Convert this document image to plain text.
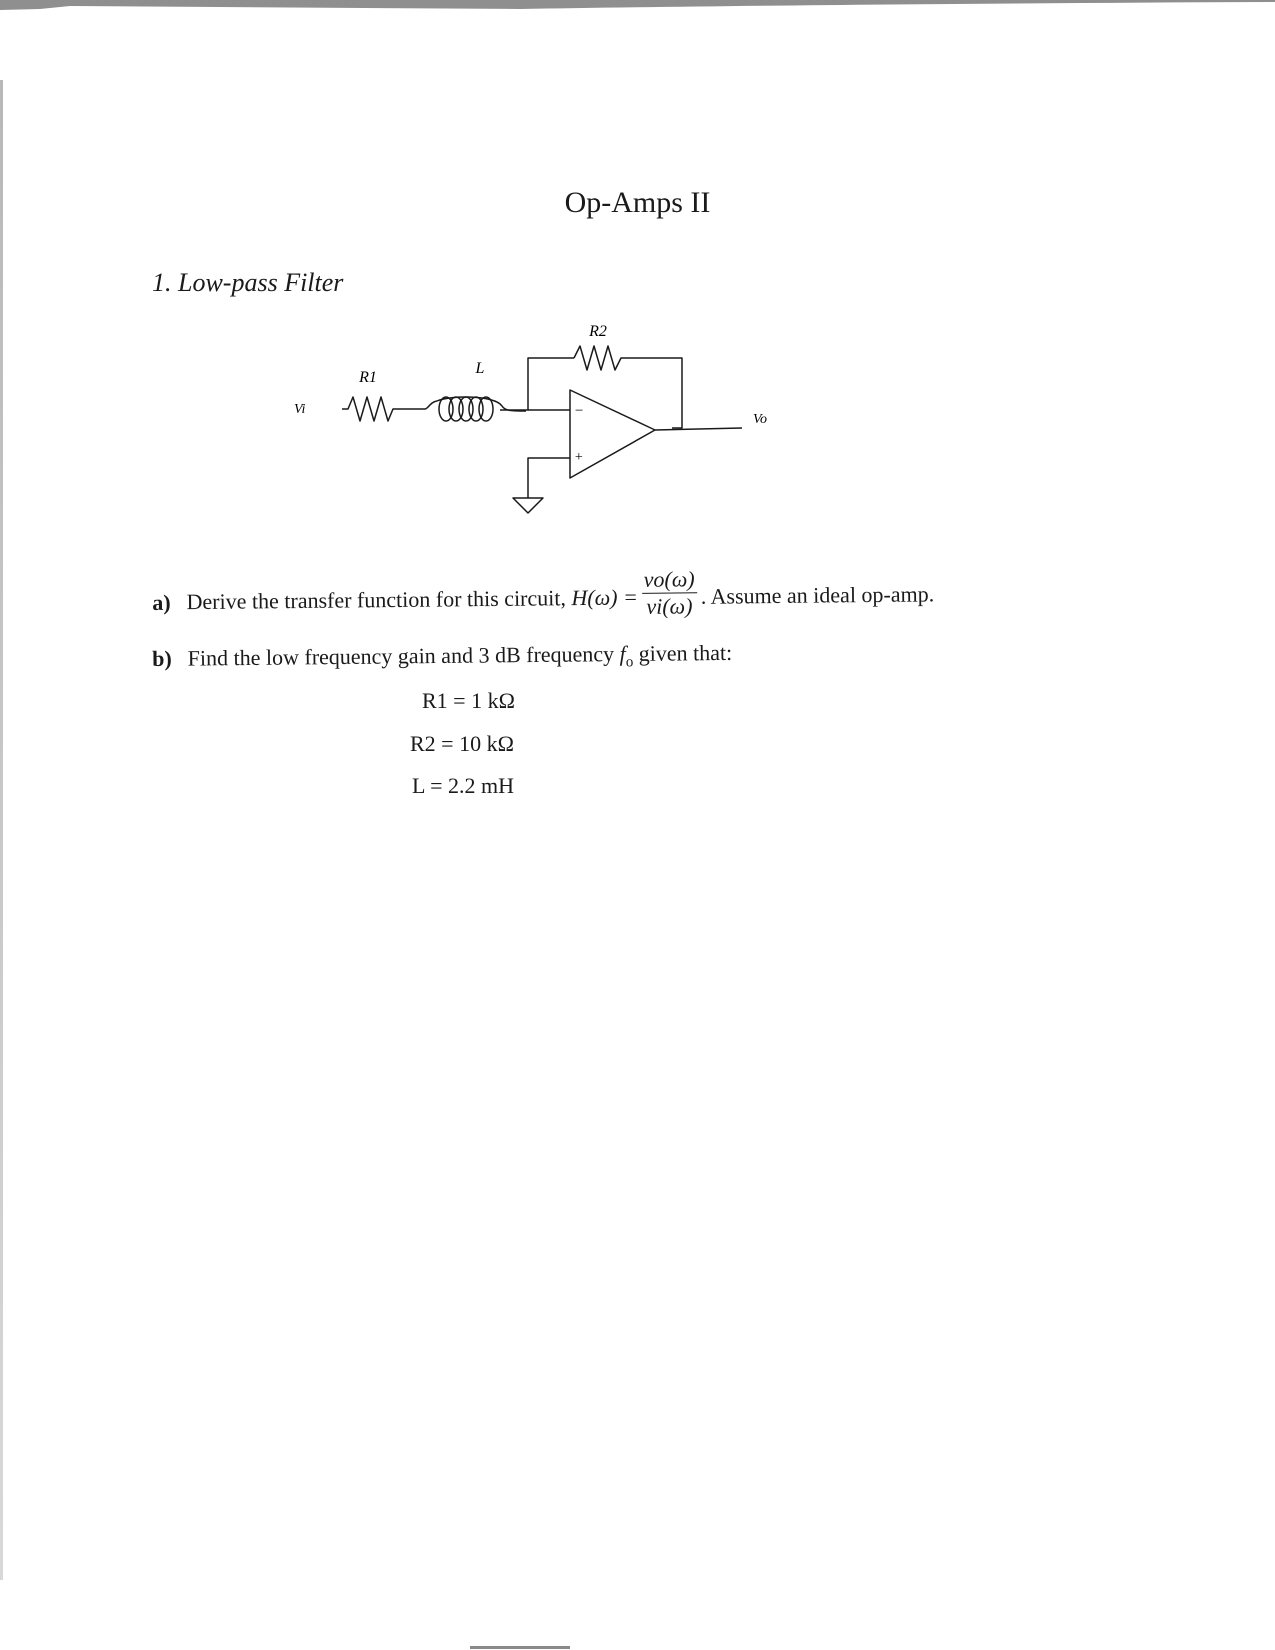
Op-Amps II
1. Low-pass Filter
R2
R1
L
Vi
Vo
−
+
a) Derive the transfer function for this circuit, $H(\omega) = \frac{vo(\omega)}{vi(\omega)}$ . Assume an ideal op-amp.
b) Find the low frequency gain and 3 dB frequency $f_o$ given that:
R1 = 1 kΩ
R2 = 10 kΩ
L = 2.2 mH
